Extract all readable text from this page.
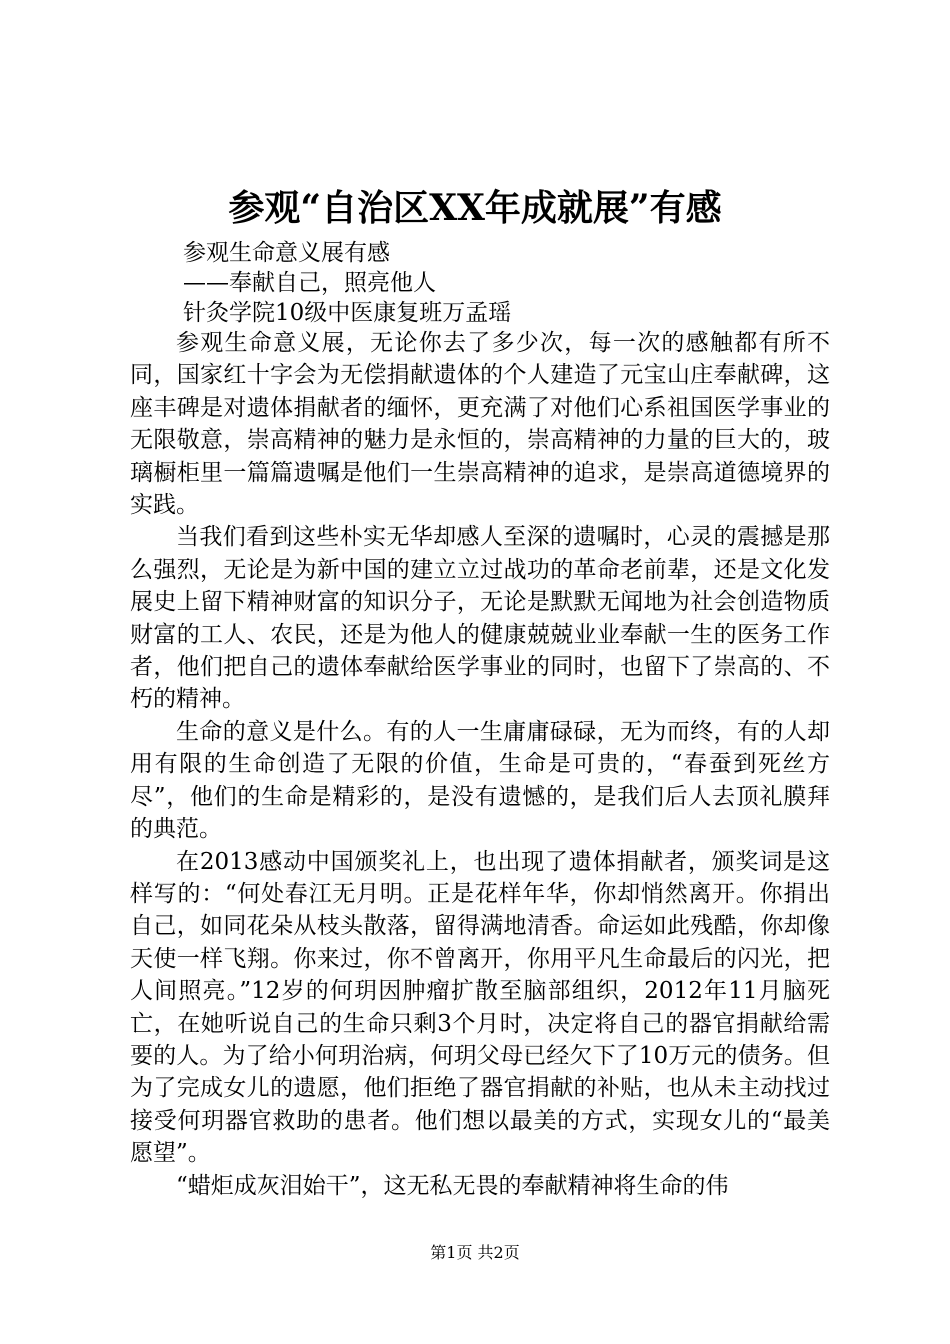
参观“自治区XX年成就展”有感
参观生命意义展有感
——奉献自己，照亮他人
针灸学院10级中医康复班万孟瑶

参观生命意义展，无论你去了多少次，每一次的感触都有所不同，国家红十字会为无偿捐献遗体的个人建造了元宝山庄奉献碑，这座丰碑是对遗体捐献者的缅怀，更充满了对他们心系祖国医学事业的无限敬意，崇高精神的魅力是永恒的，崇高精神的力量的巨大的，玻璃橱柜里一篇篇遗嘱是他们一生崇高精神的追求，是崇高道德境界的实践。

当我们看到这些朴实无华却感人至深的遗嘱时，心灵的震撼是那么强烈，无论是为新中国的建立立过战功的革命老前辈，还是文化发展史上留下精神财富的知识分子，无论是默默无闻地为社会创造物质财富的工人、农民，还是为他人的健康兢兢业业奉献一生的医务工作者，他们把自己的遗体奉献给医学事业的同时，也留下了崇高的、不朽的精神。

生命的意义是什么。有的人一生庸庸碌碌，无为而终，有的人却用有限的生命创造了无限的价值，生命是可贵的，“春蚕到死丝方尽”，他们的生命是精彩的，是没有遗憾的，是我们后人去顶礼膜拜的典范。

在2013感动中国颁奖礼上，也出现了遗体捐献者，颁奖词是这样写的：“何处春江无月明。正是花样年华，你却悄然离开。你捐出自己，如同花朵从枝头散落，留得满地清香。命运如此残酷，你却像天使一样飞翔。你来过，你不曾离开，你用平凡生命最后的闪光，把人间照亮。”12岁的何玥因肿瘤扩散至脑部组织，2012年11月脑死亡，在她听说自己的生命只剩3个月时，决定将自己的器官捐献给需要的人。为了给小何玥治病，何玥父母已经欠下了10万元的债务。但为了完成女儿的遗愿，他们拒绝了器官捐献的补贴，也从未主动找过接受何玥器官救助的患者。他们想以最美的方式，实现女儿的“最美愿望”。

“蜡炬成灰泪始干”，这无私无畏的奉献精神将生命的伟

第1页 共2页
